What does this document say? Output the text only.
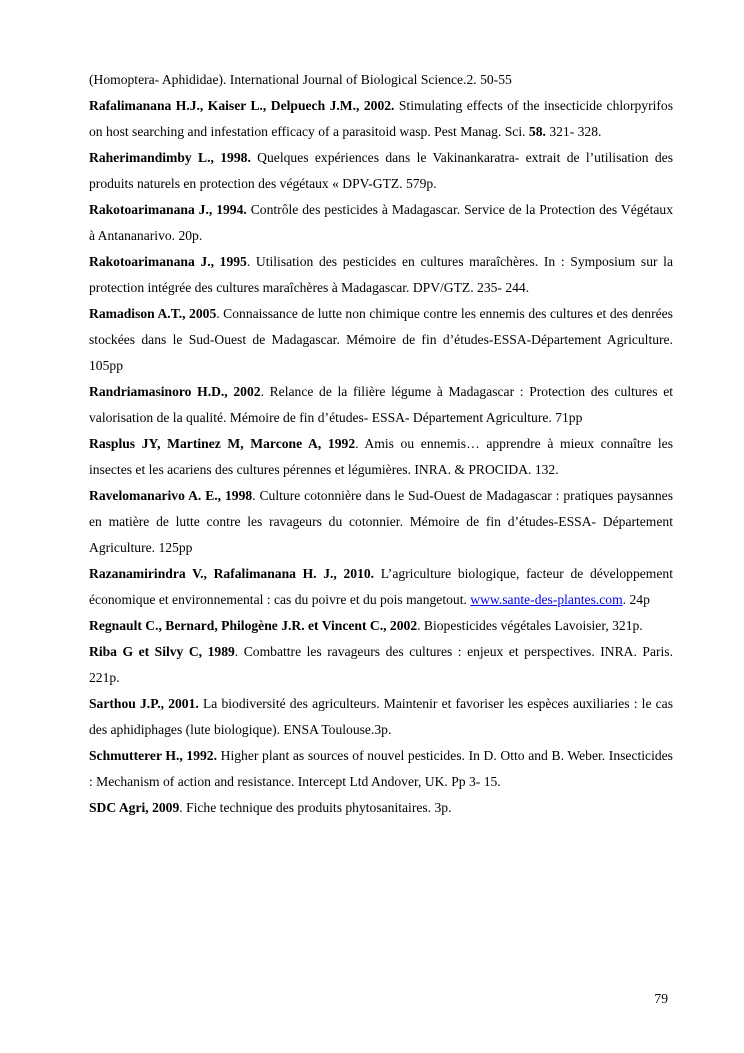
(Homoptera- Aphididae). International Journal of Biological Science.2. 50-55

Rafalimanana H.J., Kaiser L., Delpuech J.M., 2002. Stimulating effects of the insecticide chlorpyrifos on host searching and infestation efficacy of a parasitoid wasp. Pest Manag. Sci. 58. 321- 328.

Raherimandimby L., 1998. Quelques expériences dans le Vakinankaratra- extrait de l’utilisation des produits naturels en protection des végétaux « DPV-GTZ. 579p.

Rakotoarimanana J., 1994. Contrôle des pesticides à Madagascar. Service de la Protection des Végétaux à Antananarivo. 20p.

Rakotoarimanana J., 1995. Utilisation des pesticides en cultures maraîchères. In : Symposium sur la protection intégrée des cultures maraîchères à Madagascar. DPV/GTZ. 235- 244.

Ramadison A.T., 2005. Connaissance de lutte non chimique contre les ennemis des cultures et des denrées stockées dans le Sud-Ouest de Madagascar. Mémoire de fin d’études-ESSA-Département Agriculture. 105pp

Randriamasinoro H.D., 2002. Relance de la filière légume à Madagascar : Protection des cultures et valorisation de la qualité. Mémoire de fin d’études- ESSA- Département Agriculture. 71pp

Rasplus JY, Martinez M, Marcone A, 1992. Amis ou ennemis… apprendre à mieux connaître les insectes et les acariens des cultures pérennes et légumières. INRA. & PROCIDA. 132.

Ravelomanarivo A. E., 1998. Culture cotonnière dans le Sud-Ouest de Madagascar : pratiques paysannes en matière de lutte contre les ravageurs du cotonnier. Mémoire de fin d’études-ESSA- Département Agriculture. 125pp

Razanamirindra V., Rafalimanana H. J., 2010. L’agriculture biologique, facteur de développement économique et environnemental : cas du poivre et du pois mangetout. www.sante-des-plantes.com. 24p

Regnault C., Bernard, Philogène J.R. et Vincent C., 2002. Biopesticides végétales Lavoisier, 321p.

Riba G et Silvy C, 1989. Combattre les ravageurs des cultures : enjeux et perspectives. INRA. Paris. 221p.

Sarthou J.P., 2001. La biodiversité des agriculteurs. Maintenir et favoriser les espèces auxiliaries : le cas des aphidiphages (lute biologique). ENSA Toulouse.3p.

Schmutterer H., 1992. Higher plant as sources of nouvel pesticides. In D. Otto and B. Weber. Insecticides : Mechanism of action and resistance. Intercept Ltd Andover, UK. Pp 3- 15.

SDC Agri, 2009. Fiche technique des produits phytosanitaires. 3p.

79
